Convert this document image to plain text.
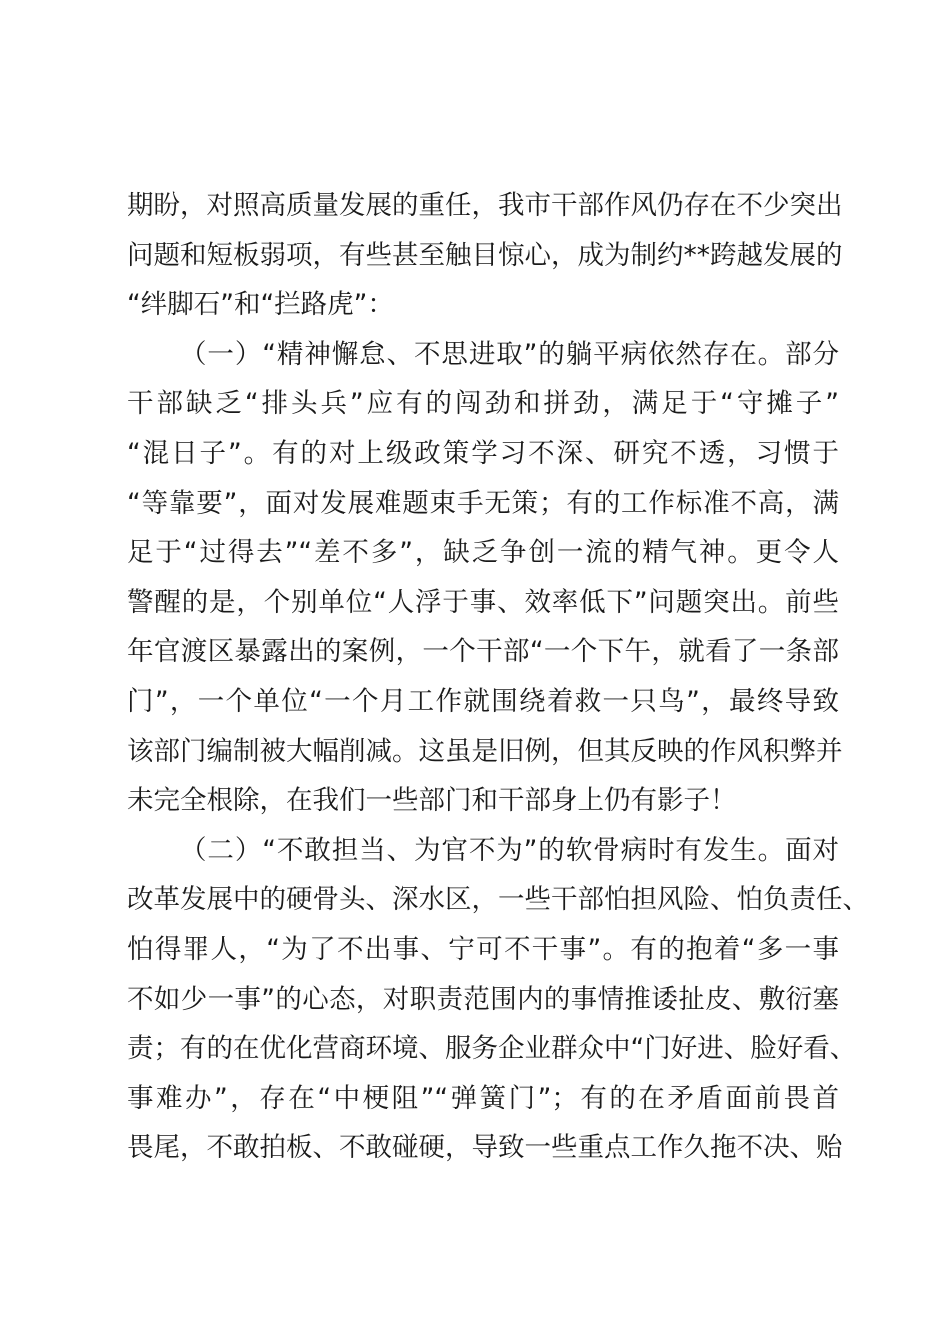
期盼，对照高质量发展的重任，我市干部作风仍存在不少突出
问题和短板弱项，有些甚至触目惊心，成为制约**跨越发展的
“绊脚石”和“拦路虎”：
（一）“精神懈怠、不思进取”的躺平病依然存在。部分
干部缺乏“排头兵”应有的闯劲和拼劲，满足于“守摊子”
“混日子”。有的对上级政策学习不深、研究不透，习惯于
“等靠要”，面对发展难题束手无策；有的工作标准不高，满
足于“过得去”“差不多”，缺乏争创一流的精气神。更令人
警醒的是，个别单位“人浮于事、效率低下”问题突出。前些
年官渡区暴露出的案例，一个干部“一个下午，就看了一条部
门”，一个单位“一个月工作就围绕着救一只鸟”，最终导致
该部门编制被大幅削减。这虽是旧例，但其反映的作风积弊并
未完全根除，在我们一些部门和干部身上仍有影子！
（二）“不敢担当、为官不为”的软骨病时有发生。面对
改革发展中的硬骨头、深水区，一些干部怕担风险、怕负责任、
怕得罪人，“为了不出事、宁可不干事”。有的抱着“多一事
不如少一事”的心态，对职责范围内的事情推诿扯皮、敷衍塞
责；有的在优化营商环境、服务企业群众中“门好进、脸好看、
事难办”，存在“中梗阻”“弹簧门”；有的在矛盾面前畏首
畏尾，不敢拍板、不敢碰硬，导致一些重点工作久拖不决、贻
